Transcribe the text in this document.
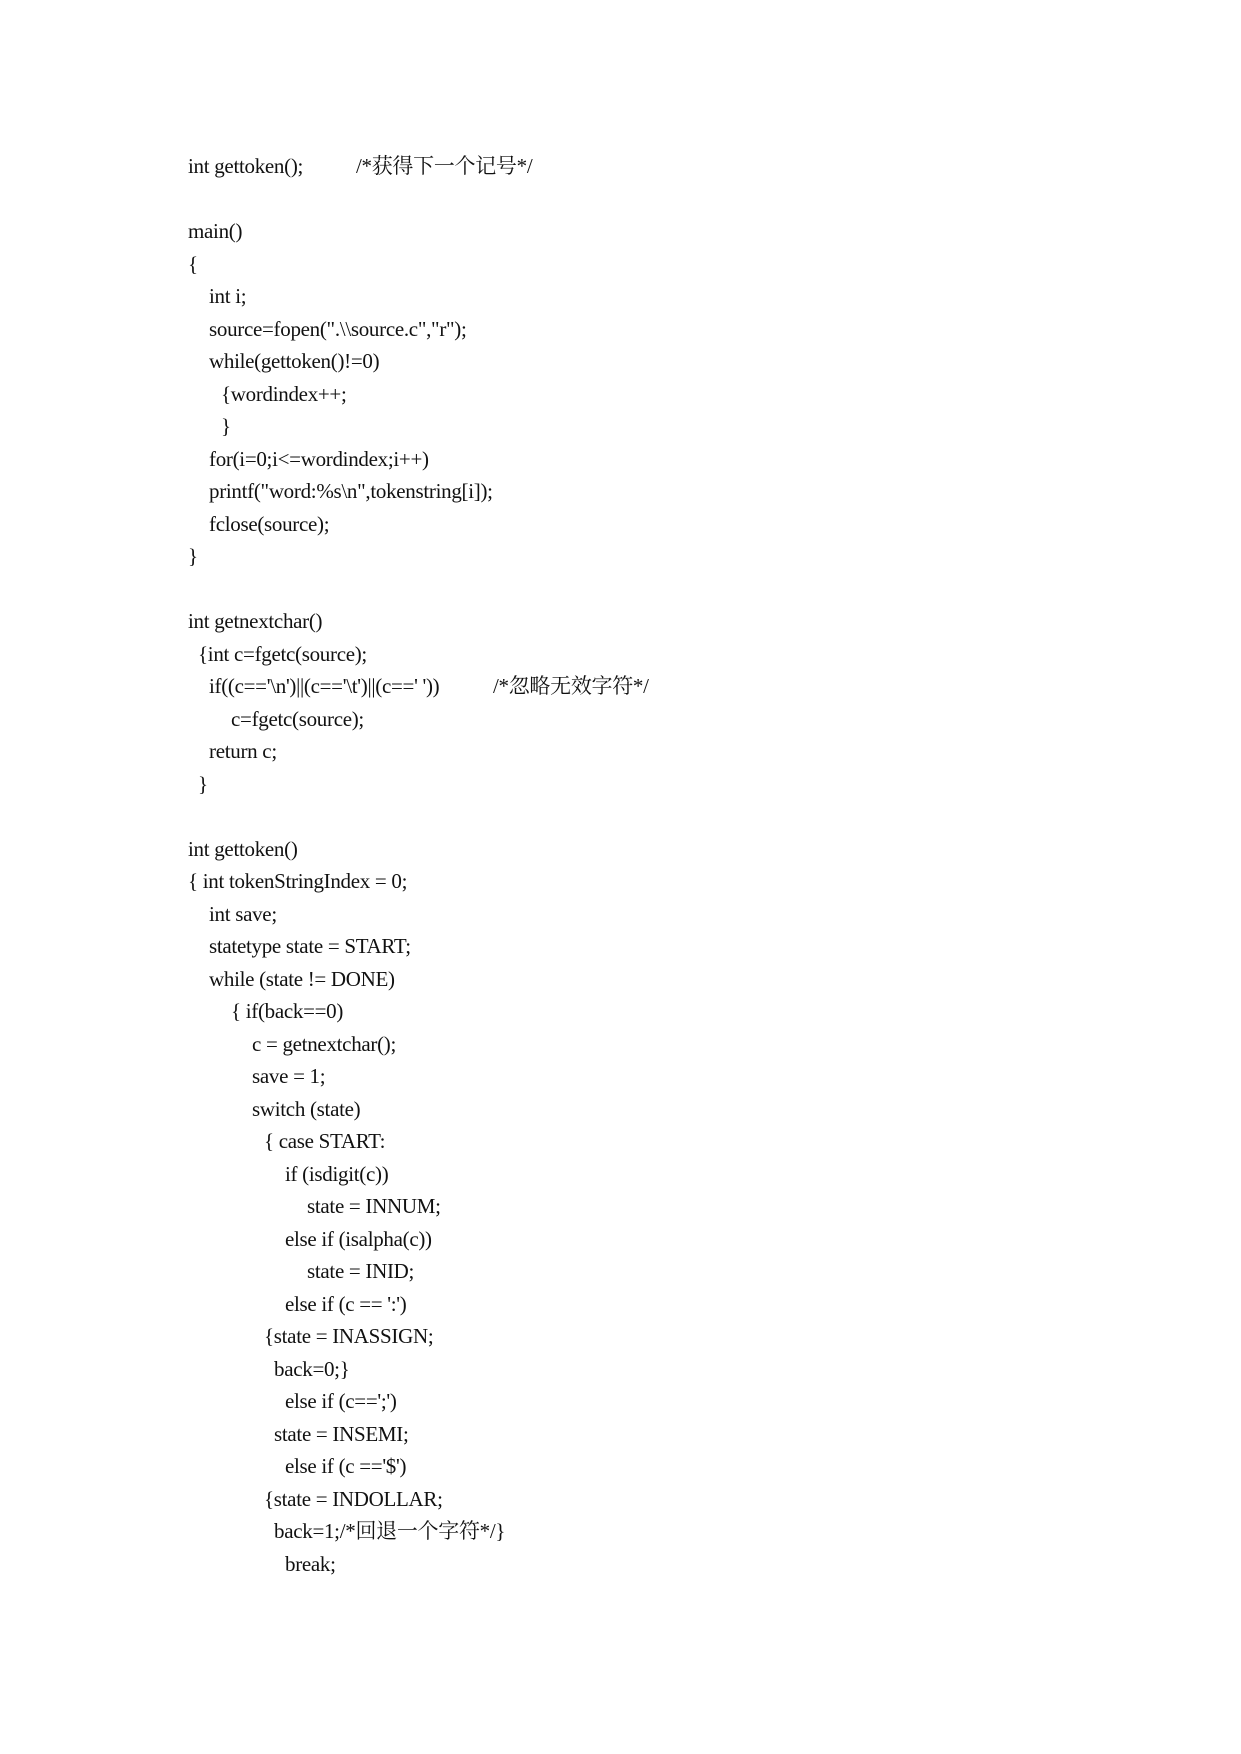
int gettoken();	/*获得下一个记号*/
main()
{
int i;
source=fopen(".\\source.c","r");
while(gettoken()!=0)
{wordindex++;
}
for(i=0;i<=wordindex;i++)
printf("word:%s\n",tokenstring[i]);
fclose(source);
}
int getnextchar()
{int c=fgetc(source);
if((c=='\n')||(c=='\t')||(c==' '))	/*忽略无效字符*/
c=fgetc(source);
return c;
}
int gettoken()
{ int tokenStringIndex = 0;
int save;
statetype state = START;
while (state != DONE)
{ if(back==0)
c = getnextchar();
save = 1;
switch (state)
{ case START:
if (isdigit(c))
state = INNUM;
else if (isalpha(c))
state = INID;
else if (c == ':')
{state = INASSIGN;
back=0;}
else if (c==';')
state = INSEMI;
else if (c =='$')
{state = INDOLLAR;
back=1;/*回退一个字符*/}
break;
